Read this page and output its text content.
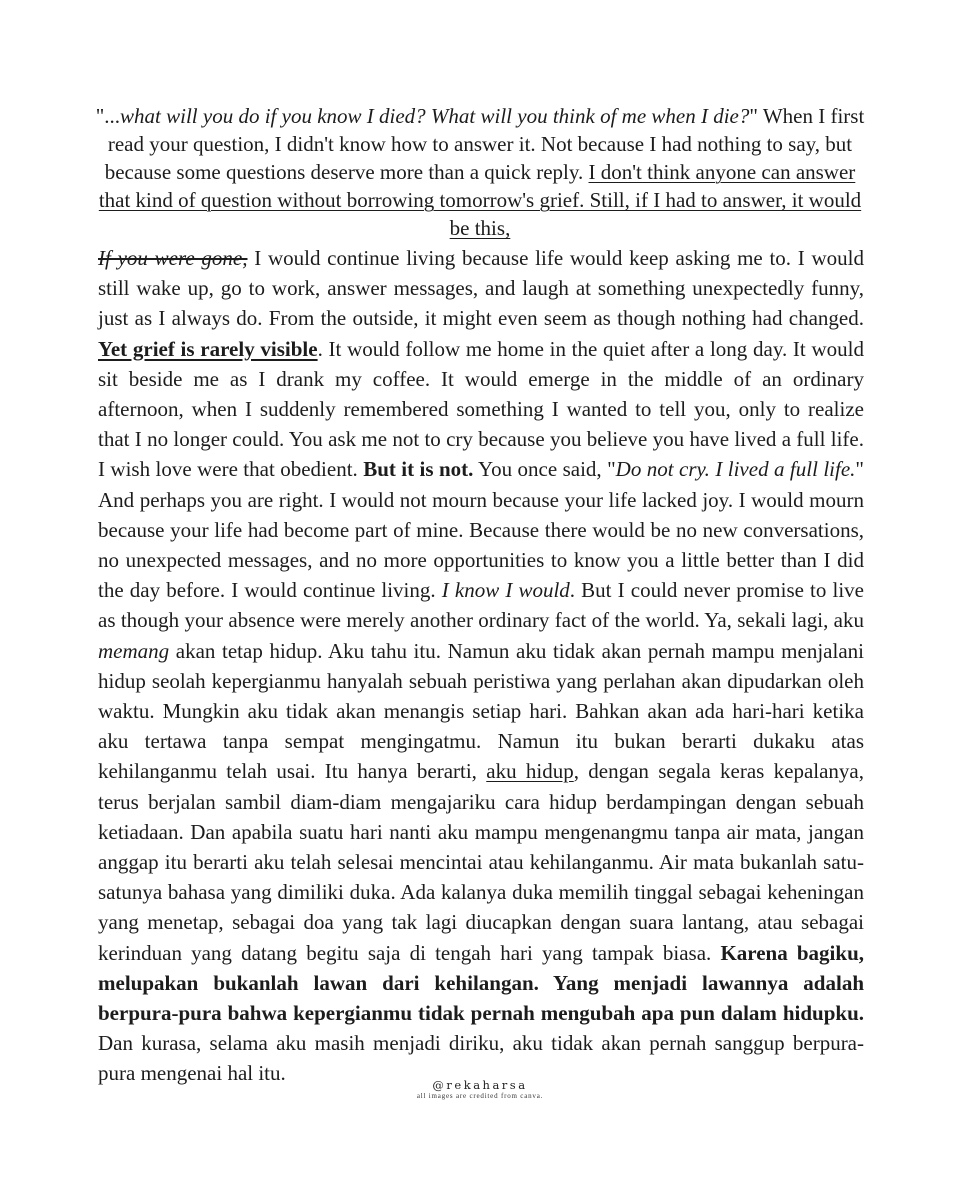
"...what will you do if you know I died? What will you think of me when I die?" When I first read your question, I didn't know how to answer it. Not because I had nothing to say, but because some questions deserve more than a quick reply. I don't think anyone can answer that kind of question without borrowing tomorrow's grief. Still, if I had to answer, it would be this,

If you were gone, I would continue living because life would keep asking me to. I would still wake up, go to work, answer messages, and laugh at something unexpectedly funny, just as I always do. From the outside, it might even seem as though nothing had changed. Yet grief is rarely visible. It would follow me home in the quiet after a long day. It would sit beside me as I drank my coffee. It would emerge in the middle of an ordinary afternoon, when I suddenly remembered something I wanted to tell you, only to realize that I no longer could. You ask me not to cry because you believe you have lived a full life. I wish love were that obedient. But it is not. You once said, "Do not cry. I lived a full life." And perhaps you are right. I would not mourn because your life lacked joy. I would mourn because your life had become part of mine. Because there would be no new conversations, no unexpected messages, and no more opportunities to know you a little better than I did the day before. I would continue living. I know I would. But I could never promise to live as though your absence were merely another ordinary fact of the world. Ya, sekali lagi, aku memang akan tetap hidup. Aku tahu itu. Namun aku tidak akan pernah mampu menjalani hidup seolah kepergianmu hanyalah sebuah peristiwa yang perlahan akan dipudarkan oleh waktu. Mungkin aku tidak akan menangis setiap hari. Bahkan akan ada hari-hari ketika aku tertawa tanpa sempat mengingatmu. Namun itu bukan berarti dukaku atas kehilanganmu telah usai. Itu hanya berarti, aku hidup, dengan segala keras kepalanya, terus berjalan sambil diam-diam mengajariku cara hidup berdampingan dengan sebuah ketiadaan. Dan apabila suatu hari nanti aku mampu mengenangmu tanpa air mata, jangan anggap itu berarti aku telah selesai mencintai atau kehilanganmu. Air mata bukanlah satu-satunya bahasa yang dimiliki duka. Ada kalanya duka memilih tinggal sebagai keheningan yang menetap, sebagai doa yang tak lagi diucapkan dengan suara lantang, atau sebagai kerinduan yang datang begitu saja di tengah hari yang tampak biasa. Karena bagiku, melupakan bukanlah lawan dari kehilangan. Yang menjadi lawannya adalah berpura-pura bahwa kepergianmu tidak pernah mengubah apa pun dalam hidupku. Dan kurasa, selama aku masih menjadi diriku, aku tidak akan pernah sanggup berpura-pura mengenai hal itu.	@rekaharsa
all images are credited from canva.
